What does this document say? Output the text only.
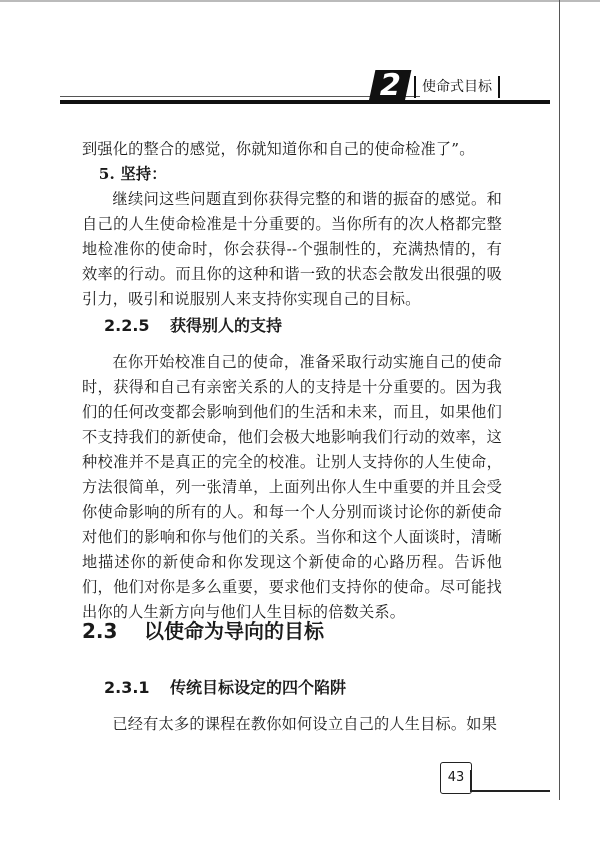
2	使命式目标

到强化的整合的感觉，你就知道你和自己的使命检准了”。

5. 坚持：

继续问这些问题直到你获得完整的和谐的振奋的感觉。和自己的人生使命检准是十分重要的。当你所有的次人格都完整地检准你的使命时，你会获得--个强制性的，充满热情的，有效率的行动。而且你的这种和谐一致的状态会散发出很强的吸引力，吸引和说服别人来支持你实现自己的目标。

2.2.5 获得别人的支持

在你开始校准自己的使命，准备采取行动实施自己的使命时，获得和自己有亲密关系的人的支持是十分重要的。因为我们的任何改变都会影响到他们的生活和未来，而且，如果他们不支持我们的新使命，他们会极大地影响我们行动的效率，这种校准并不是真正的完全的校准。让别人支持你的人生使命，方法很简单，列一张清单，上面列出你人生中重要的并且会受你使命影响的所有的人。和每一个人分别而谈讨论你的新使命对他们的影响和你与他们的关系。当你和这个人面谈时，清晰地描述你的新使命和你发现这个新使命的心路历程。告诉他们，他们对你是多么重要，要求他们支持你的使命。尽可能找出你的人生新方向与他们人生目标的倍数关系。

2.3 以使命为导向的目标
2.3.1 传统目标设定的四个陷阱

已经有太多的课程在教你如何设立自己的人生目标。如果

43
